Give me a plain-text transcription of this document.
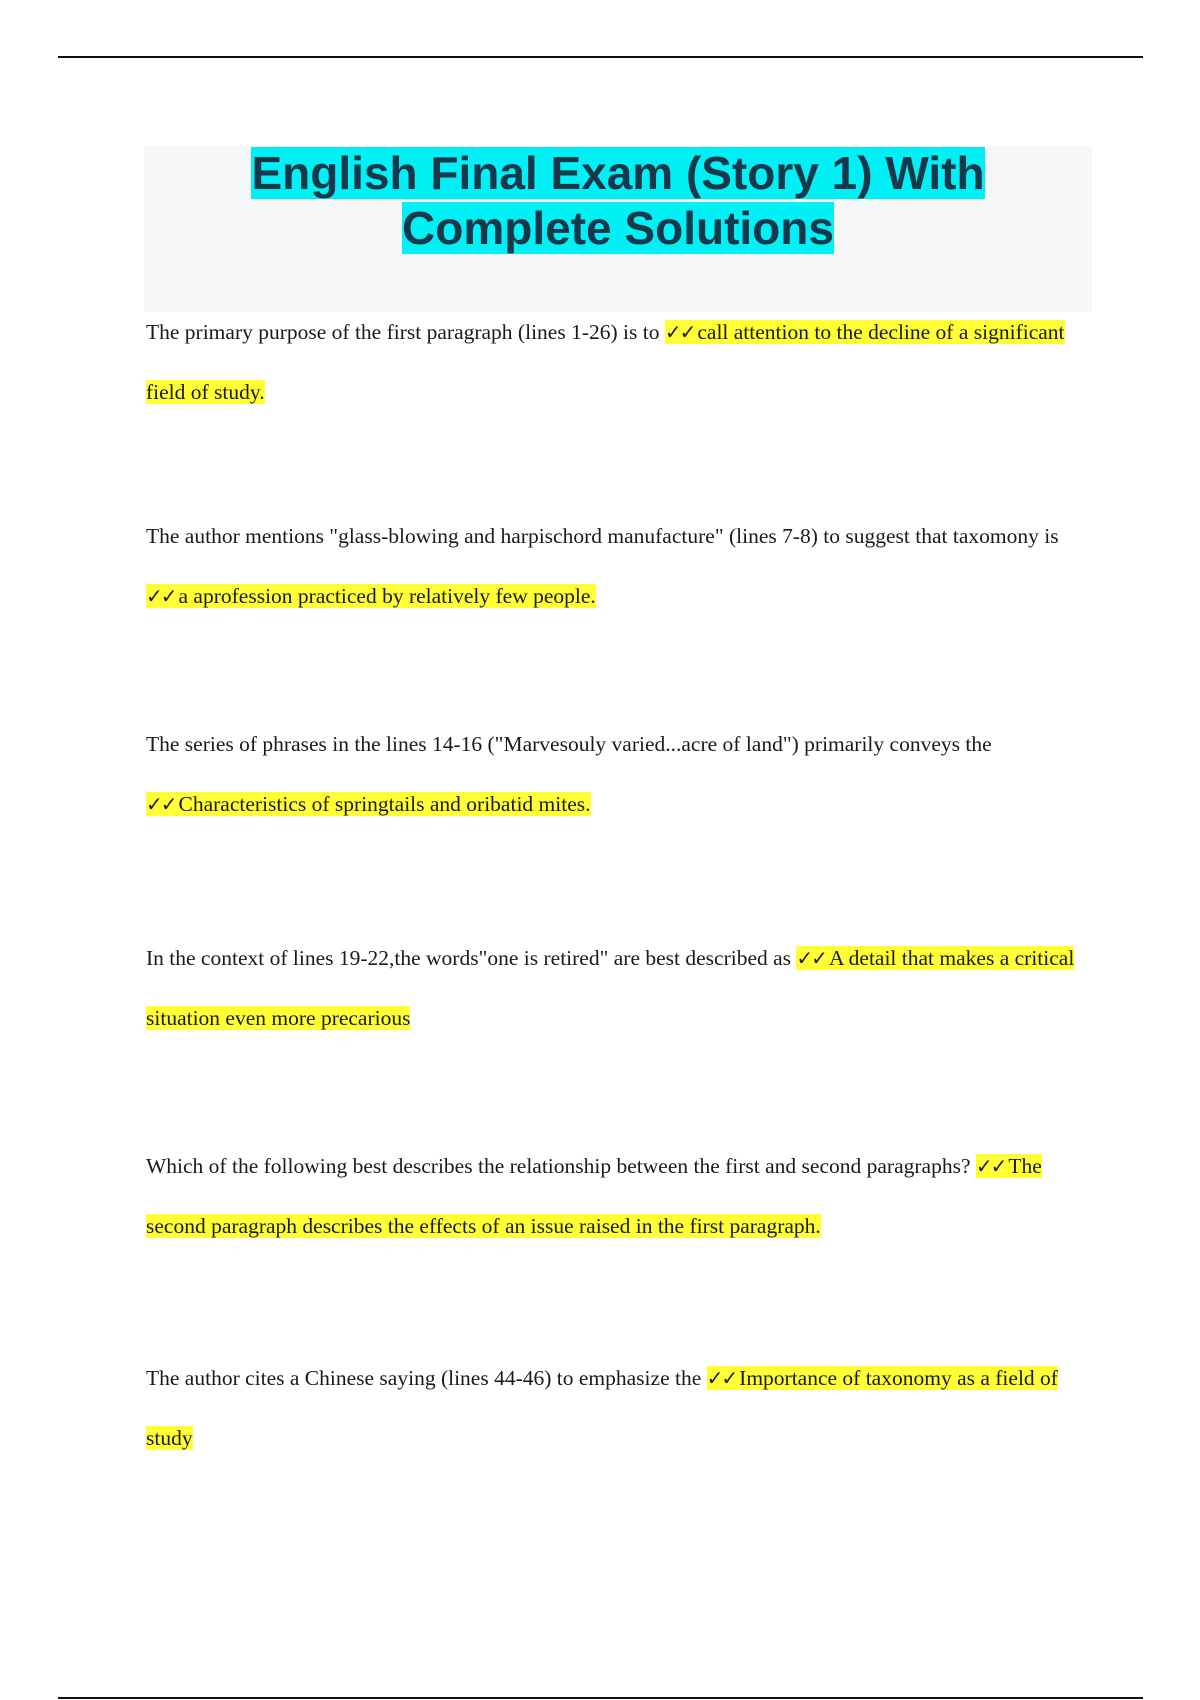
English Final Exam (Story 1) With
Complete Solutions

The primary purpose of the first paragraph (lines 1-26) is to ✓✓ call attention to the decline of a significant field of study.

The author mentions "glass-blowing and harpischord manufacture" (lines 7-8) to suggest that taxomony is ✓✓ a aprofession practiced by relatively few people.

The series of phrases in the lines 14-16 ("Marvesouly varied...acre of land") primarily conveys the ✓✓ Characteristics of springtails and oribatid mites.

In the context of lines 19-22,the words"one is retired" are best described as ✓✓ A detail that makes a critical situation even more precarious

Which of the following best describes the relationship between the first and second paragraphs? ✓✓ The second paragraph describes the effects of an issue raised in the first paragraph.

The author cites a Chinese saying (lines 44-46) to emphasize the ✓✓ Importance of taxonomy as a field of study
